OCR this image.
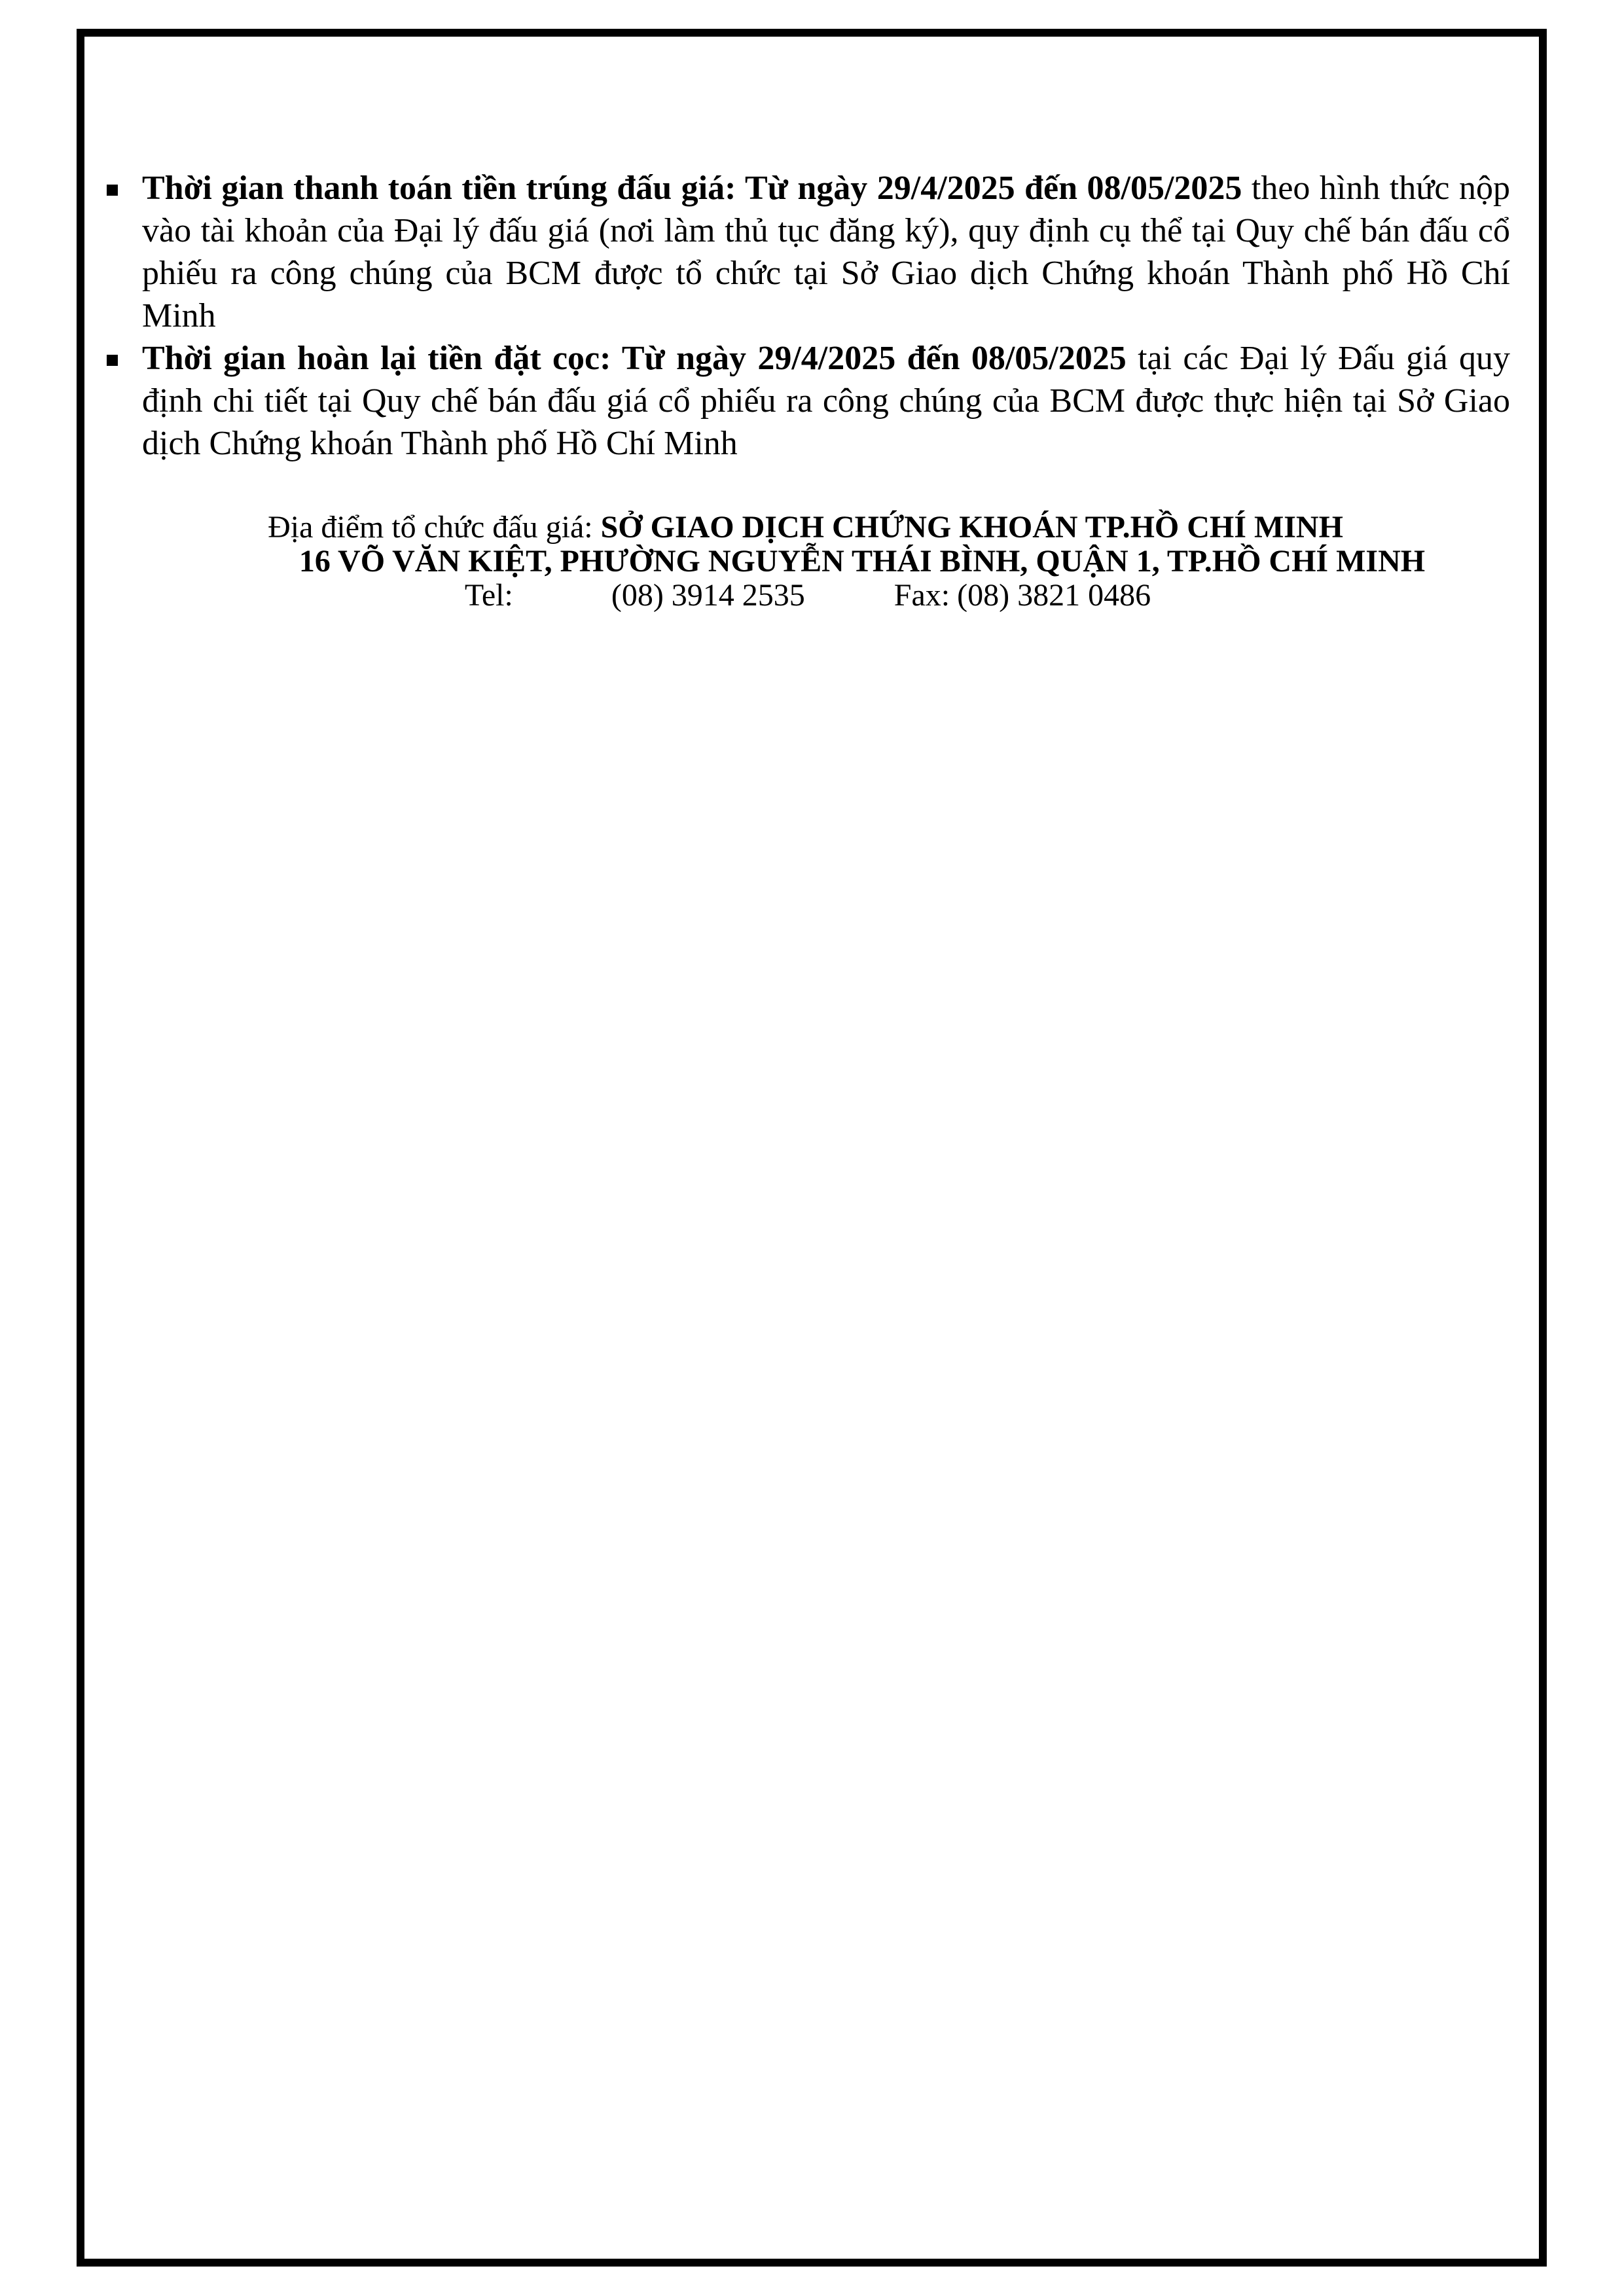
Thời gian thanh toán tiền trúng đấu giá: Từ ngày 29/4/2025 đến 08/05/2025 theo hình thức nộp vào tài khoản của Đại lý đấu giá (nơi làm thủ tục đăng ký), quy định cụ thể tại Quy chế bán đấu cổ phiếu ra công chúng của BCM được tổ chức tại Sở Giao dịch Chứng khoán Thành phố Hồ Chí Minh
Thời gian hoàn lại tiền đặt cọc: Từ ngày 29/4/2025 đến 08/05/2025 tại các Đại lý Đấu giá quy định chi tiết tại Quy chế bán đấu giá cổ phiếu ra công chúng của BCM được thực hiện tại Sở Giao dịch Chứng khoán Thành phố Hồ Chí Minh
Địa điểm tổ chức đấu giá: SỞ GIAO DỊCH CHỨNG KHOÁN TP.HỒ CHÍ MINH
16 VÕ VĂN KIỆT, PHƯỜNG NGUYỄN THÁI BÌNH, QUẬN 1, TP.HỒ CHÍ MINH
Tel:	(08) 3914 2535	Fax: (08) 3821 0486
